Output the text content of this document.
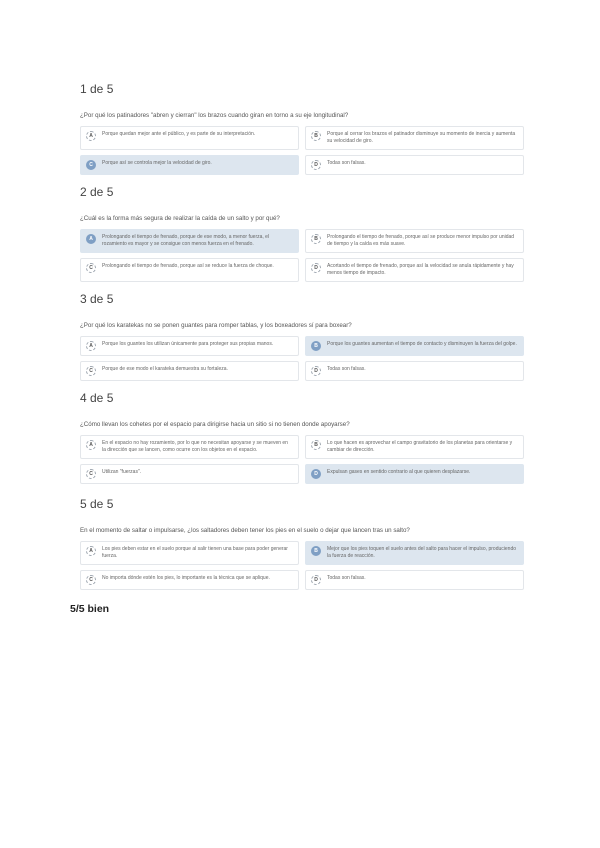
1 de 5
¿Por qué los patinadores "abren y cierran" los brazos cuando giran en torno a su eje longitudinal?
A	Porque quedan mejor ante el público, y es parte de su interpretación.	B	Porque al cerrar los brazos el patinador disminuye su momento de inercia y aumenta su velocidad de giro.
C	Porque así se controla mejor la velocidad de giro.	D	Todas son falsas.
2 de 5
¿Cuál es la forma más segura de realizar la caída de un salto y por qué?
A	Prolongando el tiempo de frenado, porque de ese modo, a menor fuerza, el rozamiento es mayor y se consigue con menos fuerza en el frenado.
B	Prolongando el tiempo de frenado, porque así se produce menor impulso por unidad de tiempo y la caída es más suave.
C	Prolongando el tiempo de frenado, porque así se reduce la fuerza de choque.	D	Acortando el tiempo de frenado, porque así la velocidad se anula rápidamente y hay menos tiempo de impacto.
3 de 5
¿Por qué los karatekas no se ponen guantes para romper tablas, y los boxeadores sí para boxear?
A	Porque los guantes los utilizan únicamente para proteger sus propias manos.	B	Porque los guantes aumentan el tiempo de contacto y disminuyen la fuerza del golpe.
C	Porque de ese modo el karateka demuestra su fortaleza.	D	Todas son falsas.
4 de 5
¿Cómo llevan los cohetes por el espacio para dirigirse hacia un sitio si no tienen donde apoyarse?
A	En el espacio no hay rozamiento, por lo que no necesitan apoyarse y se mueven en la dirección que se lancen, como ocurre con los objetos en el espacio.
B	Lo que hacen es aprovechar el campo gravitatorio de los planetas para orientarse y cambiar de dirección.
C	Utilizan "fuerzas".	D	Expulsan gases en sentido contrario al que quieren desplazarse.
5 de 5
En el momento de saltar o impulsarse, ¿los saltadores deben tener los pies en el suelo o dejar que lancen tras un salto?
A	Los pies deben estar en el suelo porque al salir tienen una base para poder generar fuerza.
B	Mejor que los pies toquen el suelo antes del salto para hacer el impulso, produciendo la fuerza de reacción.
C	No importa dónde estén los pies, lo importante es la técnica que se aplique.	D	Todas son falsas.
5/5 bien
